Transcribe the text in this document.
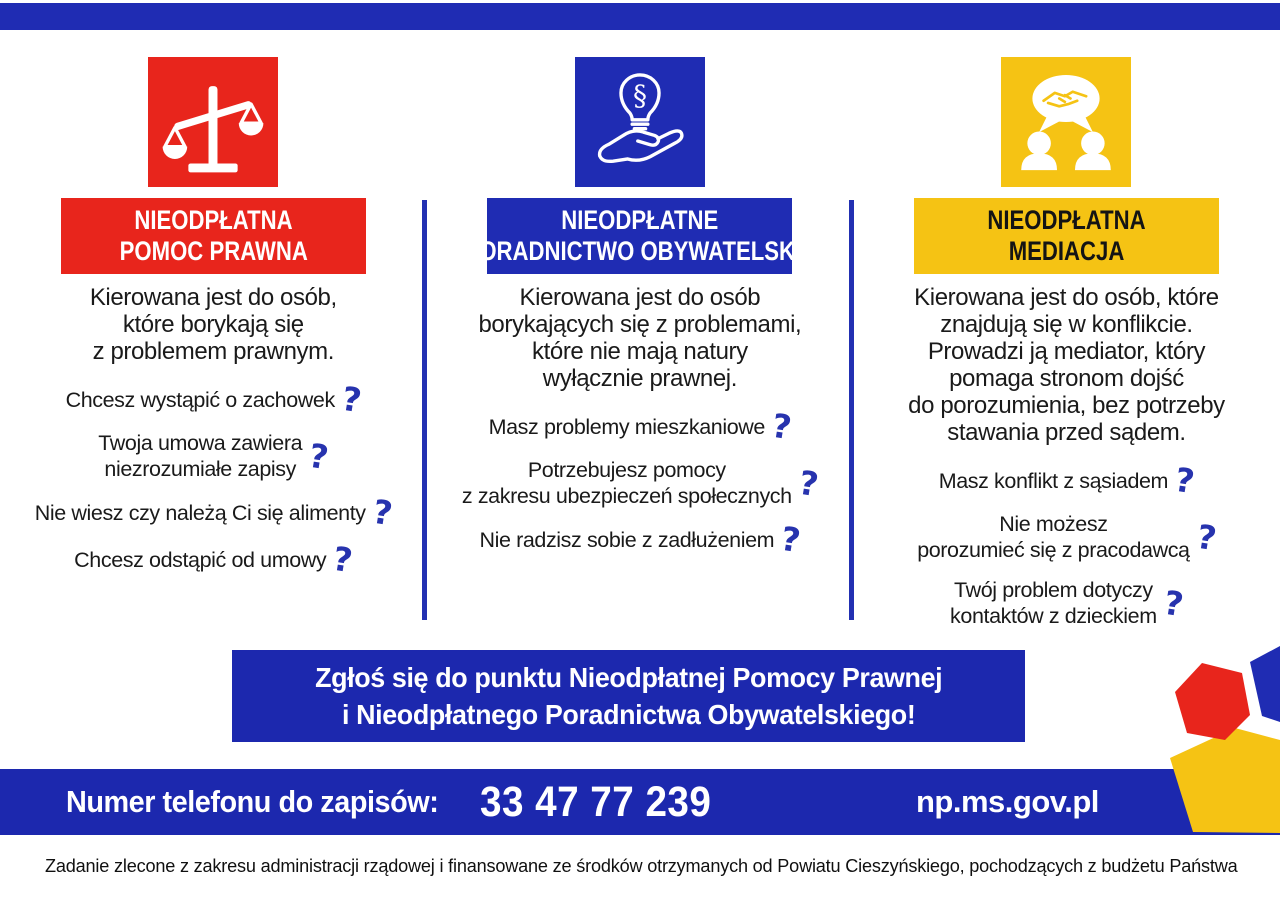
NIEODPŁATNA
POMOC PRAWNA

Kierowana jest do osób,
które borykają się
z problemem prawnym.

Chcesz wystąpić o zachowek ?
Twoja umowa zawiera
niezrozumiałe zapisy ?
Nie wiesz czy należą Ci się alimenty ?
Chcesz odstąpić od umowy ?
§
NIEODPŁATNE
PORADNICTWO OBYWATELSKIE

Kierowana jest do osób
borykających się z problemami,
które nie mają natury
wyłącznie prawnej.

Masz problemy mieszkaniowe ?
Potrzebujesz pomocy
z zakresu ubezpieczeń społecznych ?
Nie radzisz sobie z zadłużeniem ?
NIEODPŁATNA
MEDIACJA

Kierowana jest do osób, które
znajdują się w konflikcie.
Prowadzi ją mediator, który
pomaga stronom dojść
do porozumienia, bez potrzeby
stawania przed sądem.

Masz konflikt z sąsiadem ?
Nie możesz
porozumieć się z pracodawcą ?
Twój problem dotyczy
kontaktów z dzieckiem ?
Zgłoś się do punktu Nieodpłatnej Pomocy Prawnej
i Nieodpłatnego Poradnictwa Obywatelskiego!
Numer telefonu do zapisów: 33 47 77 239	np.ms.gov.pl

Zadanie zlecone z zakresu administracji rządowej i finansowane ze środków otrzymanych od Powiatu Cieszyńskiego, pochodzących z budżetu Państwa
